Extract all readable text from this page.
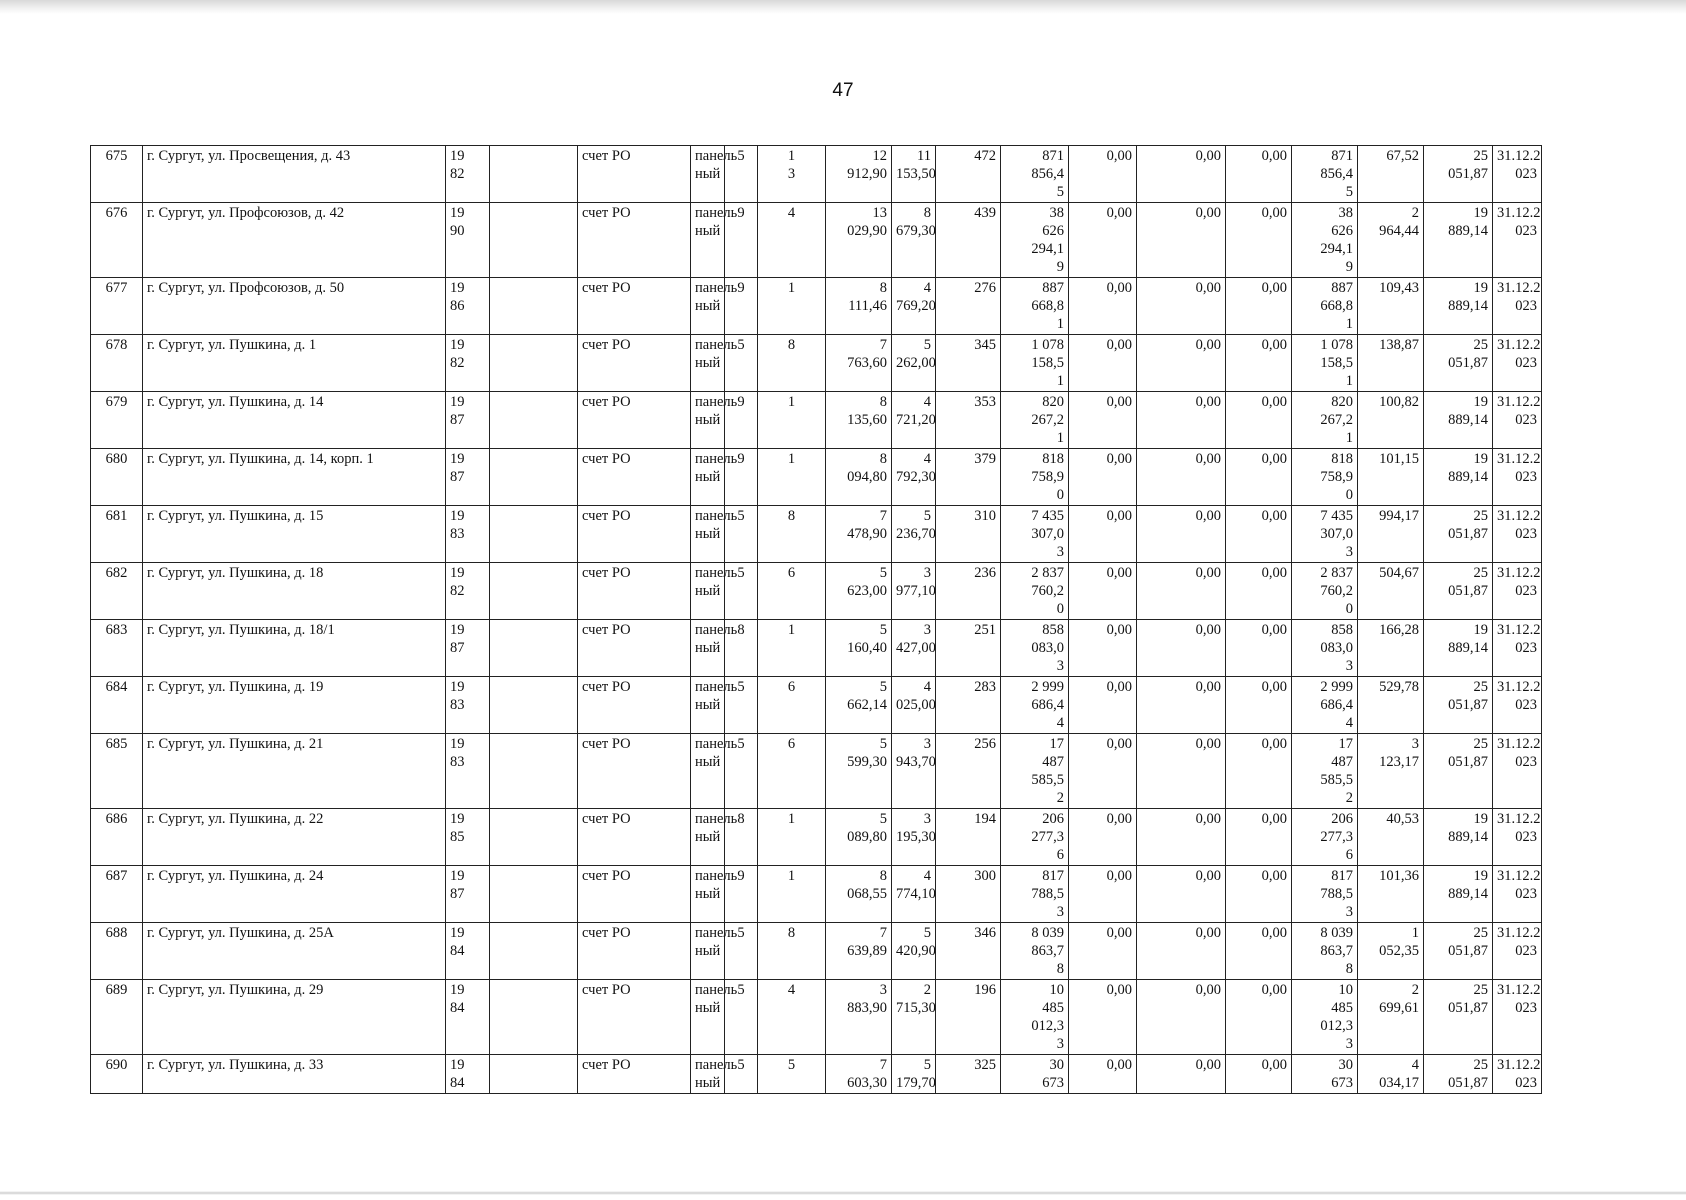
47
675	г. Сургут, ул. Просвещения, д. 43	19
82		счет РО	панель
ный	5	1
3	12
912,90	11
153,50	472	871
856,4
5	0,00	0,00	0,00	871
856,4
5	67,52	25
051,87	31.12.2
023
676	г. Сургут, ул. Профсоюзов, д. 42	19
90		счет РО	панель
ный	9	4	13
029,90	8
679,30	439	38
626
294,1
9	0,00	0,00	0,00	38
626
294,1
9	2
964,44	19
889,14	31.12.2
023
677	г. Сургут, ул. Профсоюзов, д. 50	19
86		счет РО	панель
ный	9	1	8
111,46	4
769,20	276	887
668,8
1	0,00	0,00	0,00	887
668,8
1	109,43	19
889,14	31.12.2
023
678	г. Сургут, ул. Пушкина, д. 1	19
82		счет РО	панель
ный	5	8	7
763,60	5
262,00	345	1 078
158,5
1	0,00	0,00	0,00	1 078
158,5
1	138,87	25
051,87	31.12.2
023
679	г. Сургут, ул. Пушкина, д. 14	19
87		счет РО	панель
ный	9	1	8
135,60	4
721,20	353	820
267,2
1	0,00	0,00	0,00	820
267,2
1	100,82	19
889,14	31.12.2
023
680	г. Сургут, ул. Пушкина, д. 14, корп. 1	19
87		счет РО	панель
ный	9	1	8
094,80	4
792,30	379	818
758,9
0	0,00	0,00	0,00	818
758,9
0	101,15	19
889,14	31.12.2
023
681	г. Сургут, ул. Пушкина, д. 15	19
83		счет РО	панель
ный	5	8	7
478,90	5
236,70	310	7 435
307,0
3	0,00	0,00	0,00	7 435
307,0
3	994,17	25
051,87	31.12.2
023
682	г. Сургут, ул. Пушкина, д. 18	19
82		счет РО	панель
ный	5	6	5
623,00	3
977,10	236	2 837
760,2
0	0,00	0,00	0,00	2 837
760,2
0	504,67	25
051,87	31.12.2
023
683	г. Сургут, ул. Пушкина, д. 18/1	19
87		счет РО	панель
ный	8	1	5
160,40	3
427,00	251	858
083,0
3	0,00	0,00	0,00	858
083,0
3	166,28	19
889,14	31.12.2
023
684	г. Сургут, ул. Пушкина, д. 19	19
83		счет РО	панель
ный	5	6	5
662,14	4
025,00	283	2 999
686,4
4	0,00	0,00	0,00	2 999
686,4
4	529,78	25
051,87	31.12.2
023
685	г. Сургут, ул. Пушкина, д. 21	19
83		счет РО	панель
ный	5	6	5
599,30	3
943,70	256	17
487
585,5
2	0,00	0,00	0,00	17
487
585,5
2	3
123,17	25
051,87	31.12.2
023
686	г. Сургут, ул. Пушкина, д. 22	19
85		счет РО	панель
ный	8	1	5
089,80	3
195,30	194	206
277,3
6	0,00	0,00	0,00	206
277,3
6	40,53	19
889,14	31.12.2
023
687	г. Сургут, ул. Пушкина, д. 24	19
87		счет РО	панель
ный	9	1	8
068,55	4
774,10	300	817
788,5
3	0,00	0,00	0,00	817
788,5
3	101,36	19
889,14	31.12.2
023
688	г. Сургут, ул. Пушкина, д. 25А	19
84		счет РО	панель
ный	5	8	7
639,89	5
420,90	346	8 039
863,7
8	0,00	0,00	0,00	8 039
863,7
8	1
052,35	25
051,87	31.12.2
023
689	г. Сургут, ул. Пушкина, д. 29	19
84		счет РО	панель
ный	5	4	3
883,90	2
715,30	196	10
485
012,3
3	0,00	0,00	0,00	10
485
012,3
3	2
699,61	25
051,87	31.12.2
023
690	г. Сургут, ул. Пушкина, д. 33	19
84		счет РО	панель
ный	5	5	7
603,30	5
179,70	325	30
673	0,00	0,00	0,00	30
673	4
034,17	25
051,87	31.12.2
023
